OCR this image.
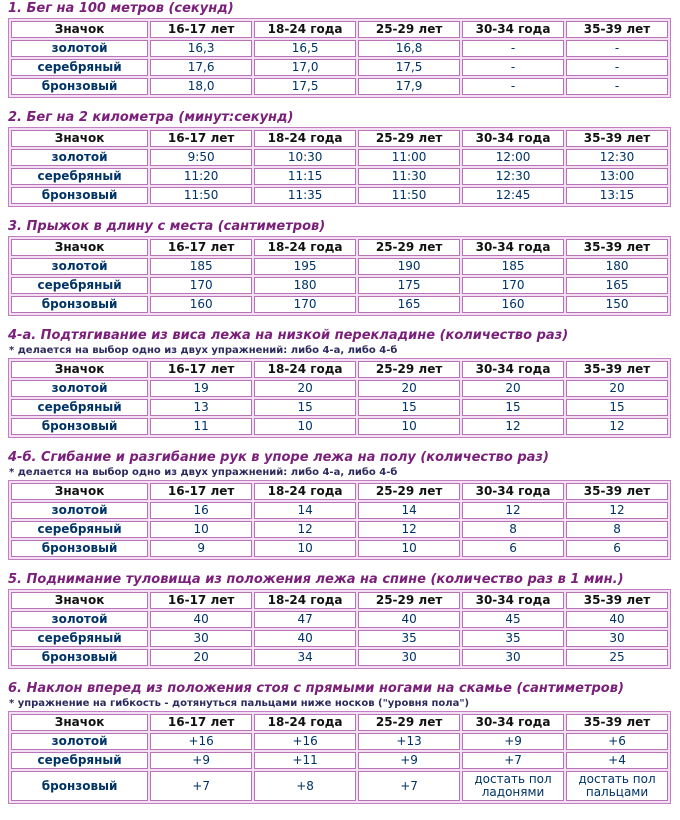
1. Бег на 100 метров (секунд)
Значок	16-17 лет	18-24 года	25-29 лет	30-34 года	35-39 лет
золотой	16,3	16,5	16,8	-	-
серебряный	17,6	17,0	17,5	-	-
бронзовый	18,0	17,5	17,9	-	-
2. Бег на 2 километра (минут:секунд)
Значок	16-17 лет	18-24 года	25-29 лет	30-34 года	35-39 лет
золотой	9:50	10:30	11:00	12:00	12:30
серебряный	11:20	11:15	11:30	12:30	13:00
бронзовый	11:50	11:35	11:50	12:45	13:15
3. Прыжок в длину с места (сантиметров)
Значок	16-17 лет	18-24 года	25-29 лет	30-34 года	35-39 лет
золотой	185	195	190	185	180
серебряный	170	180	175	170	165
бронзовый	160	170	165	160	150
4-а. Подтягивание из виса лежа на низкой перекладине (количество раз)
* делается на выбор одно из двух упражнений: либо 4-а, либо 4-б
Значок	16-17 лет	18-24 года	25-29 лет	30-34 года	35-39 лет
золотой	19	20	20	20	20
серебряный	13	15	15	15	15
бронзовый	11	10	10	12	12
4-б. Сгибание и разгибание рук в упоре лежа на полу (количество раз)
* делается на выбор одно из двух упражнений: либо 4-а, либо 4-б
Значок	16-17 лет	18-24 года	25-29 лет	30-34 года	35-39 лет
золотой	16	14	14	12	12
серебряный	10	12	12	8	8
бронзовый	9	10	10	6	6
5. Поднимание туловища из положения лежа на спине (количество раз в 1 мин.)
Значок	16-17 лет	18-24 года	25-29 лет	30-34 года	35-39 лет
золотой	40	47	40	45	40
серебряный	30	40	35	35	30
бронзовый	20	34	30	30	25
6. Наклон вперед из положения стоя с прямыми ногами на скамье (сантиметров)
* упражнение на гибкость - дотянуться пальцами ниже носков ("уровня пола")
Значок	16-17 лет	18-24 года	25-29 лет	30-34 года	35-39 лет
золотой	+16	+16	+13	+9	+6
серебряный	+9	+11	+9	+7	+4
бронзовый	+7	+8	+7	достать пол ладонями	достать пол пальцами
